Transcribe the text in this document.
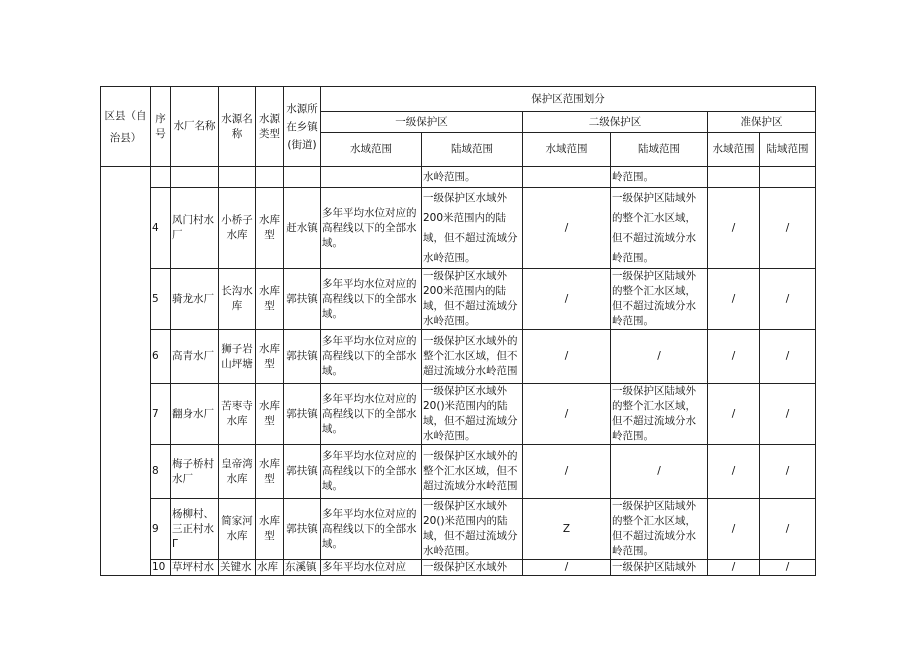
区县（自治县）	序号	水厂名称	水源名称	水源类型	水源所在乡镇(街道)	保护区范围划分					
						一级保护区		二级保护区		准保护区	
						水域范围	陆域范围	水域范围	陆域范围	水域范围	陆域范围
							水岭范围。		岭范围。		
	4	风门村水厂	小桥子水库	水库型	赶水镇	多年平均水位对应的高程线以下的全部水域。	一级保护区水域外200米范围内的陆域，但不超过流域分水岭范围。	/	一级保护区陆域外的整个汇水区域，但不超过流域分水岭范围。	/	/
	5	骑龙水厂	长沟水库	水库型	郭扶镇	多年平均水位对应的高程线以下的全部水域。	一级保护区水域外200米范围内的陆域，但不超过流域分水岭范围。	/	一级保护区陆域外的整个汇水区域，但不超过流域分水岭范围。	/	/
	6	高青水厂	狮子岩山坪塘	水库型	郭扶镇	多年平均水位对应的高程线以下的全部水域。	一级保护区水域外的整个汇水区域，但不超过流域分水岭范围	/	/	/	/
	7	翻身水厂	苦枣寺水库	水库型	郭扶镇	多年平均水位对应的高程线以下的全部水域。	一级保护区水域外20()米范围内的陆域，但不超过流域分水岭范围。	/	一级保护区陆域外的整个汇水区域，但不超过流域分水岭范围。	/	/
	8	梅子桥村水厂	皇帝湾水库	水库型	郭扶镇	多年平均水位对应的高程线以下的全部水域。	一级保护区水域外的整个汇水区域，但不超过流域分水岭范围	/	/	/	/
	9	杨柳村、三正村水Γ	简家河水库	水库型	郭扶镇	多年平均水位对应的高程线以下的全部水域。	一级保护区水域外20()米范围内的陆域，但不超过流域分水岭范围。	Z	一级保护区陆域外的整个汇水区域，但不超过流域分水岭范围。	/	/
	10	草坪村水	关键水	水库	东溪镇	多年平均水位对应	一级保护区水域外	/	一级保护区陆域外	/	/
